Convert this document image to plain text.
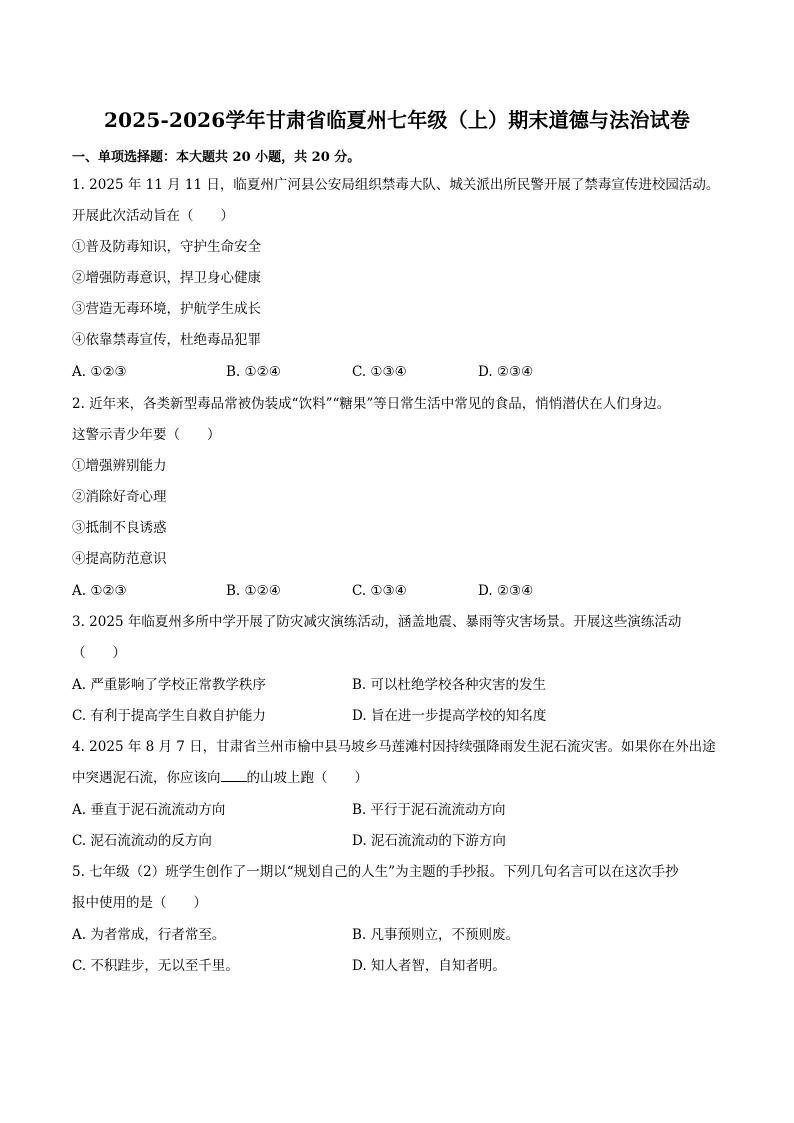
2025-2026学年甘肃省临夏州七年级（上）期末道德与法治试卷
一、单项选择题：本大题共 20 小题，共 20 分。
1. 2025 年 11 月 11 日，临夏州广河县公安局组织禁毒大队、城关派出所民警开展了禁毒宣传进校园活动。
开展此次活动旨在（　　）
①普及防毒知识，守护生命安全
②增强防毒意识，捍卫身心健康
③营造无毒环境，护航学生成长
④依靠禁毒宣传，杜绝毒品犯罪
A. ①②③	B. ①②④	C. ①③④	D. ②③④
2. 近年来，各类新型毒品常被伪装成“饮料”“糖果”等日常生活中常见的食品，悄悄潜伏在人们身边。
这警示青少年要（　　）
①增强辨别能力
②消除好奇心理
③抵制不良诱惑
④提高防范意识
A. ①②③	B. ①②④	C. ①③④	D. ②③④
3. 2025 年临夏州多所中学开展了防灾减灾演练活动，涵盖地震、暴雨等灾害场景。开展这些演练活动
（　　）
A. 严重影响了学校正常教学秩序	B. 可以杜绝学校各种灾害的发生
C. 有利于提高学生自救自护能力	D. 旨在进一步提高学校的知名度
4. 2025 年 8 月 7 日，甘肃省兰州市榆中县马坡乡马莲滩村因持续强降雨发生泥石流灾害。如果你在外出途
中突遇泥石流，你应该向 的山坡上跑（　　）
A. 垂直于泥石流流动方向	B. 平行于泥石流流动方向
C. 泥石流流动的反方向	D. 泥石流流动的下游方向
5. 七年级（2）班学生创作了一期以“规划自己的人生”为主题的手抄报。下列几句名言可以在这次手抄
报中使用的是（　　）
A. 为者常成，行者常至。	B. 凡事预则立，不预则废。
C. 不积跬步，无以至千里。	D. 知人者智，自知者明。
